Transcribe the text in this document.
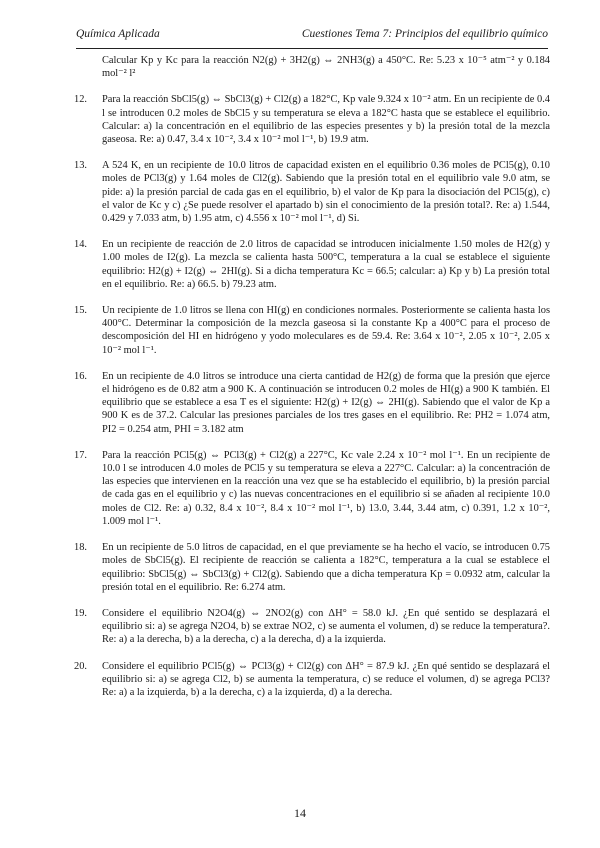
Química Aplicada	Cuestiones Tema 7: Principios del equilibrio químico

Calcular Kp y Kc para la reacción N2(g) + 3H2(g) ⇔ 2NH3(g) a 450°C. Re: 5.23 x 10⁻⁵ atm⁻² y 0.184 mol⁻² l²

12.	Para la reacción SbCl5(g) ⇔ SbCl3(g) + Cl2(g) a 182°C, Kp vale 9.324 x 10⁻² atm. En un recipiente de 0.4 l se introducen 0.2 moles de SbCl5 y su temperatura se eleva a 182°C hasta que se establece el equilibrio. Calcular: a) la concentración en el equilibrio de las especies presentes y b) la presión total de la mezcla gaseosa. Re: a) 0.47, 3.4 x 10⁻², 3.4 x 10⁻² mol l⁻¹, b) 19.9 atm.
13.	A 524 K, en un recipiente de 10.0 litros de capacidad existen en el equilibrio 0.36 moles de PCl5(g), 0.10 moles de PCl3(g) y 1.64 moles de Cl2(g). Sabiendo que la presión total en el equilibrio vale 9.0 atm, se pide: a) la presión parcial de cada gas en el equilibrio, b) el valor de Kp para la disociación del PCl5(g), c) el valor de Kc y c) ¿Se puede resolver el apartado b) sin el conocimiento de la presión total?. Re: a) 1.544, 0.429 y 7.033 atm, b) 1.95 atm, c) 4.556 x 10⁻² mol l⁻¹, d) Si.
14.	En un recipiente de reacción de 2.0 litros de capacidad se introducen inicialmente 1.50 moles de H2(g) y 1.00 moles de I2(g). La mezcla se calienta hasta 500°C, temperatura a la cual se establece el siguiente equilibrio: H2(g) + I2(g) ⇔ 2HI(g). Si a dicha temperatura Kc = 66.5; calcular: a) Kp y b) La presión total en el equilibrio. Re: a) 66.5. b) 79.23 atm.
15.	Un recipiente de 1.0 litros se llena con HI(g) en condiciones normales. Posteriormente se calienta hasta los 400°C. Determinar la composición de la mezcla gaseosa si la constante Kp a 400°C para el proceso de descomposición del HI en hidrógeno y yodo moleculares es de 59.4. Re: 3.64 x 10⁻², 2.05 x 10⁻², 2.05 x 10⁻² mol l⁻¹.
16.	En un recipiente de 4.0 litros se introduce una cierta cantidad de H2(g) de forma que la presión que ejerce el hidrógeno es de 0.82 atm a 900 K. A continuación se introducen 0.2 moles de HI(g) a 900 K también. El equilibrio que se establece a esa T es el siguiente: H2(g) + I2(g) ⇔ 2HI(g). Sabiendo que el valor de Kp a 900 K es de 37.2. Calcular las presiones parciales de los tres gases en el equilibrio. Re: PH2 = 1.074 atm, PI2 = 0.254 atm, PHI = 3.182 atm
17.	Para la reacción PCl5(g) ⇔ PCl3(g) + Cl2(g) a 227°C, Kc vale 2.24 x 10⁻² mol l⁻¹. En un recipiente de 10.0 l se introducen 4.0 moles de PCl5 y su temperatura se eleva a 227°C. Calcular: a) la concentración de las especies que intervienen en la reacción una vez que se ha establecido el equilibrio, b) la presión parcial de cada gas en el equilibrio y c) las nuevas concentraciones en el equilibrio si se añaden al recipiente 10.0 moles de Cl2. Re: a) 0.32, 8.4 x 10⁻², 8.4 x 10⁻² mol l⁻¹, b) 13.0, 3.44, 3.44 atm, c) 0.391, 1.2 x 10⁻², 1.009 mol l⁻¹.
18.	En un recipiente de 5.0 litros de capacidad, en el que previamente se ha hecho el vacío, se introducen 0.75 moles de SbCl5(g). El recipiente de reacción se calienta a 182°C, temperatura a la cual se establece el equilibrio: SbCl5(g) ⇔ SbCl3(g) + Cl2(g). Sabiendo que a dicha temperatura Kp = 0.0932 atm, calcular la presión total en el equilibrio. Re: 6.274 atm.
19.	Considere el equilibrio N2O4(g) ⇔ 2NO2(g) con ΔH° = 58.0 kJ. ¿En qué sentido se desplazará el equilibrio si: a) se agrega N2O4, b) se extrae NO2, c) se aumenta el volumen, d) se reduce la temperatura?. Re: a) a la derecha, b) a la derecha, c) a la derecha, d) a la izquierda.
20.	Considere el equilibrio PCl5(g) ⇔ PCl3(g) + Cl2(g) con ΔH° = 87.9 kJ. ¿En qué sentido se desplazará el equilibrio si: a) se agrega Cl2, b) se aumenta la temperatura, c) se reduce el volumen, d) se agrega PCl3? Re: a) a la izquierda, b) a la derecha, c) a la izquierda, d) a la derecha.
14
